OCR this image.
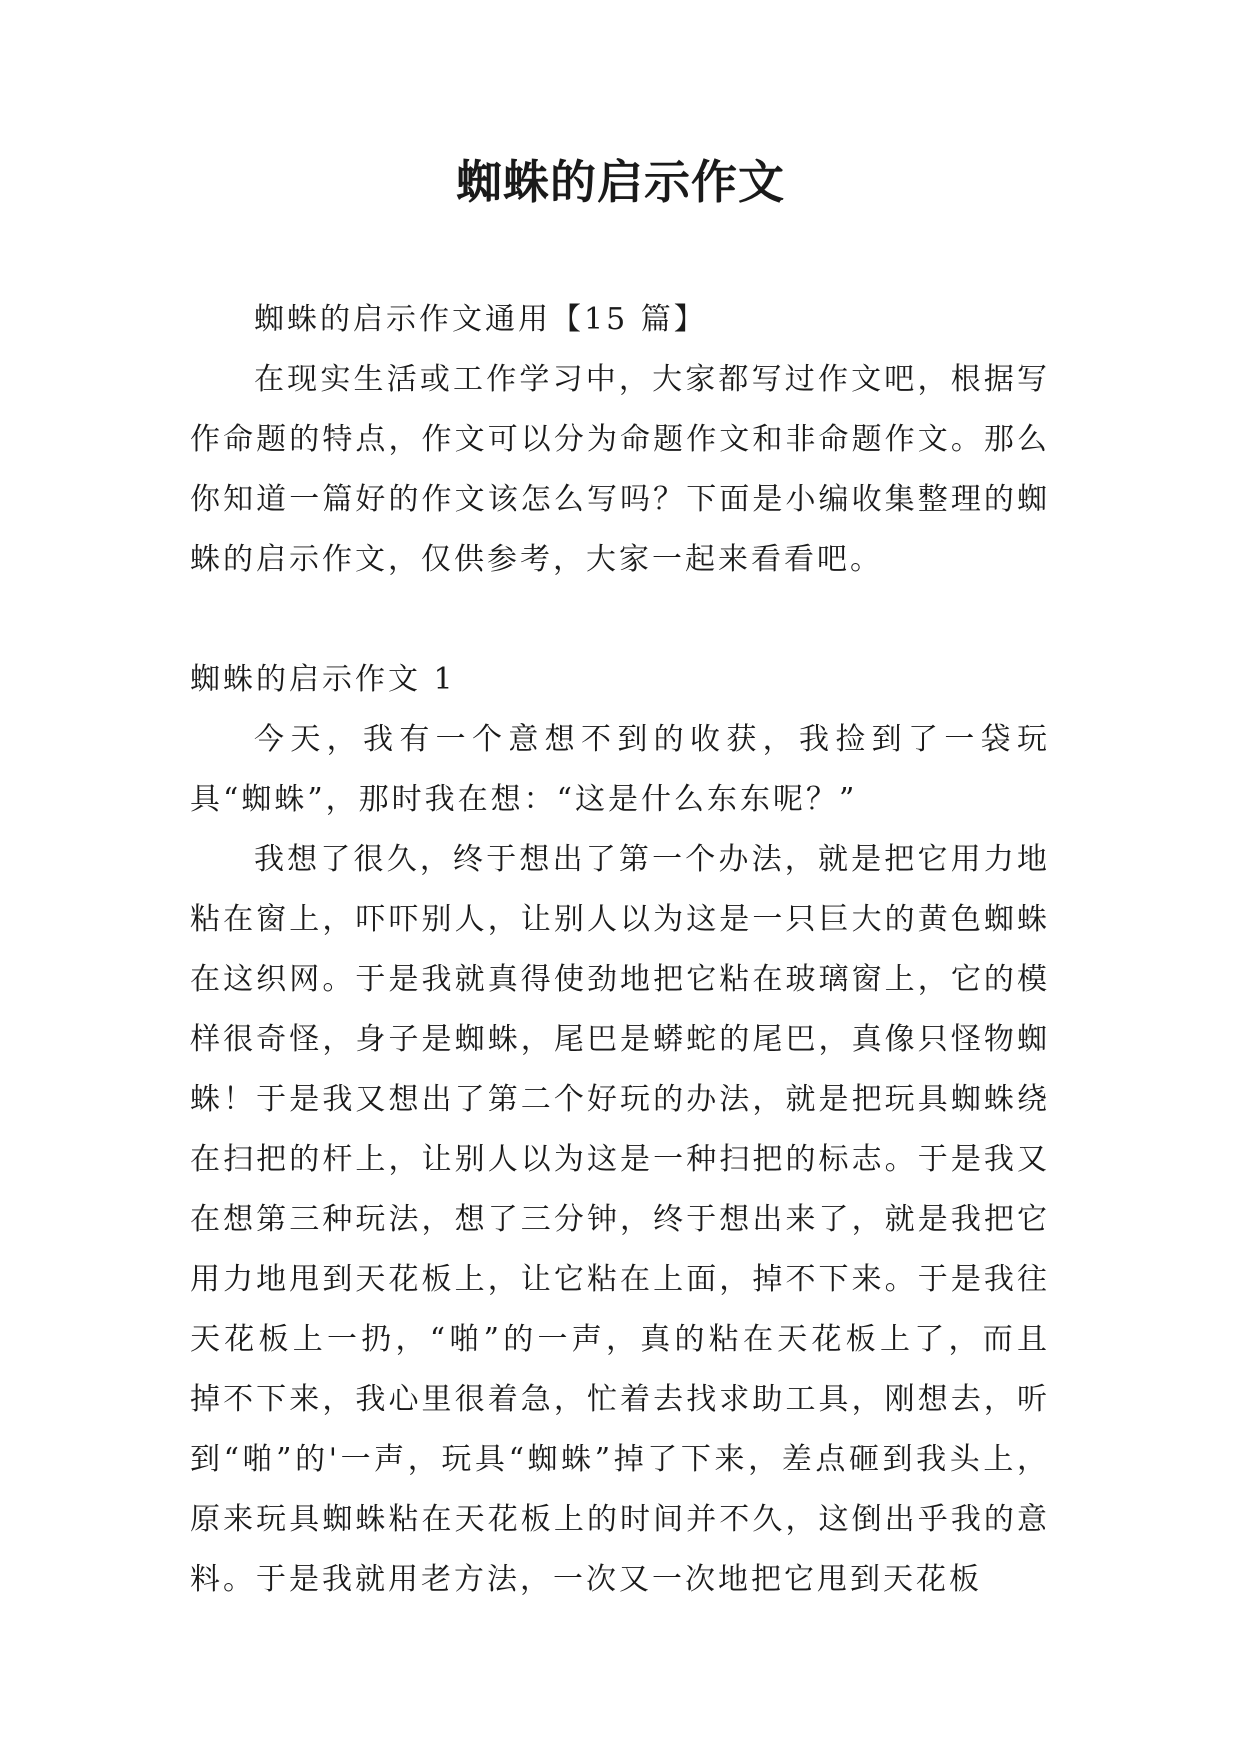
蜘蛛的启示作文

蜘蛛的启示作文通用【15 篇】

在现实生活或工作学习中，大家都写过作文吧，根据写作命题的特点，作文可以分为命题作文和非命题作文。那么你知道一篇好的作文该怎么写吗？下面是小编收集整理的蜘蛛的启示作文，仅供参考，大家一起来看看吧。

蜘蛛的启示作文 1

今天，我有一个意想不到的收获，我捡到了一袋玩具“蜘蛛”，那时我在想：“这是什么东东呢？”

我想了很久，终于想出了第一个办法，就是把它用力地粘在窗上，吓吓别人，让别人以为这是一只巨大的黄色蜘蛛在这织网。于是我就真得使劲地把它粘在玻璃窗上，它的模样很奇怪，身子是蜘蛛，尾巴是蟒蛇的尾巴，真像只怪物蜘蛛！于是我又想出了第二个好玩的办法，就是把玩具蜘蛛绕在扫把的杆上，让别人以为这是一种扫把的标志。于是我又在想第三种玩法，想了三分钟，终于想出来了，就是我把它用力地甩到天花板上，让它粘在上面，掉不下来。于是我往天花板上一扔，“啪”的一声，真的粘在天花板上了，而且掉不下来，我心里很着急，忙着去找求助工具，刚想去，听到“啪”的'一声，玩具“蜘蛛”掉了下来，差点砸到我头上，原来玩具蜘蛛粘在天花板上的时间并不久，这倒出乎我的意料。于是我就用老方法，一次又一次地把它甩到天花板
